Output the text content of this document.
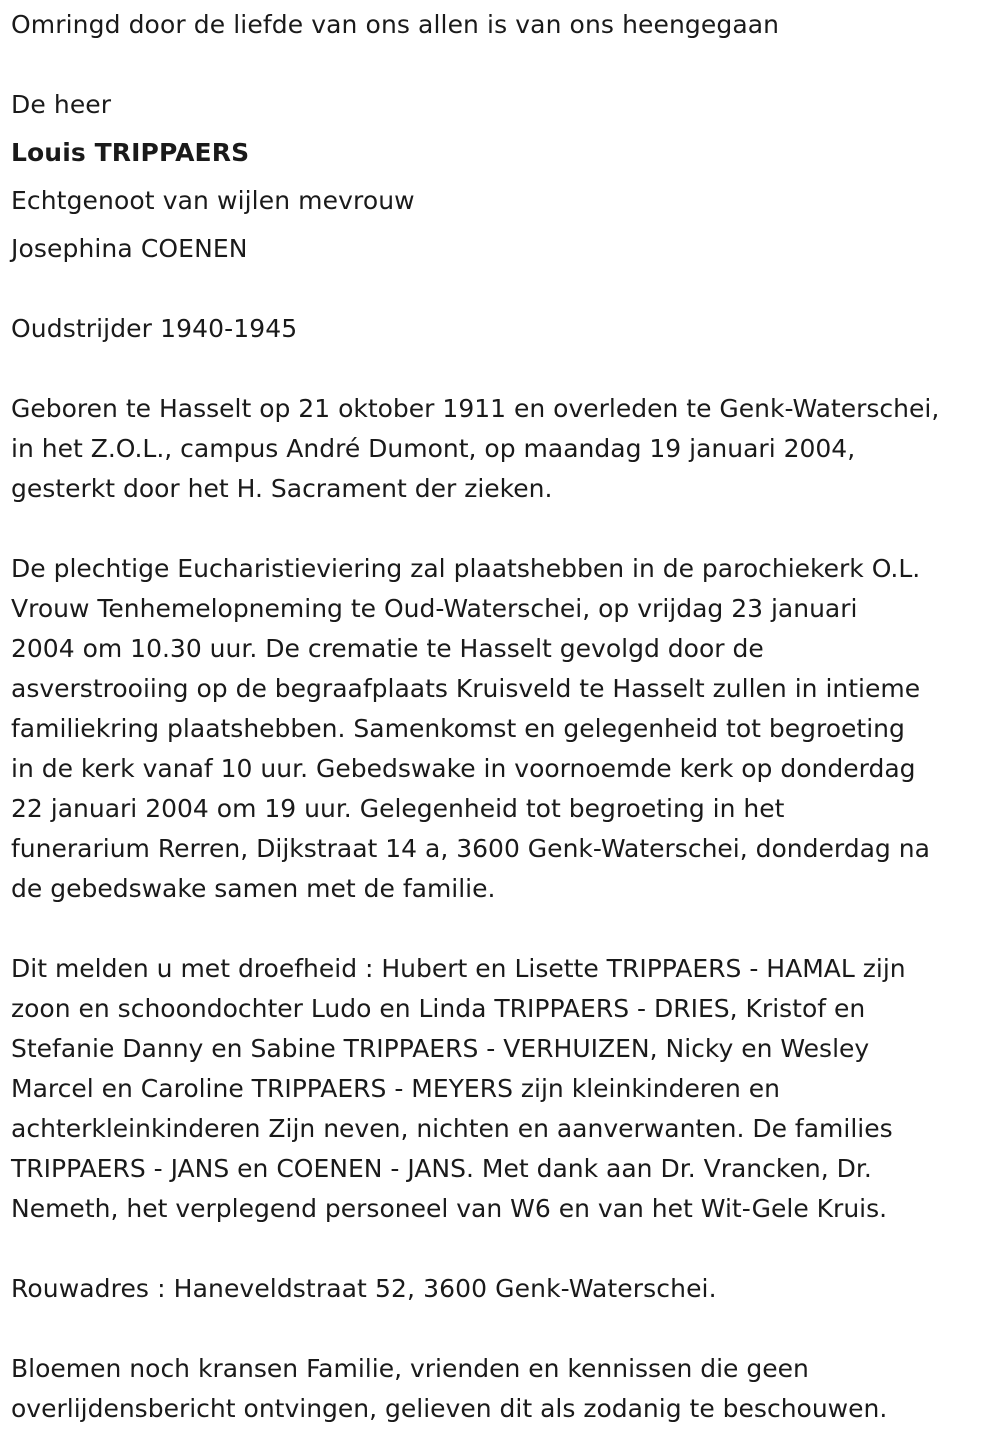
Omringd door de liefde van ons allen is van ons heengegaan

De heer

Louis TRIPPAERS

Echtgenoot van wijlen mevrouw

Josephina COENEN

Oudstrijder 1940-1945

Geboren te Hasselt op 21 oktober 1911 en overleden te Genk-Waterschei,
in het Z.O.L., campus André Dumont, op maandag 19 januari 2004,
gesterkt door het H. Sacrament der zieken.
De plechtige Eucharistieviering zal plaatshebben in de parochiekerk O.L.
Vrouw Tenhemelopneming te Oud-Waterschei, op vrijdag 23 januari
2004 om 10.30 uur. De crematie te Hasselt gevolgd door de
asverstrooiing op de begraafplaats Kruisveld te Hasselt zullen in intieme
familiekring plaatshebben. Samenkomst en gelegenheid tot begroeting
in de kerk vanaf 10 uur. Gebedswake in voornoemde kerk op donderdag
22 januari 2004 om 19 uur. Gelegenheid tot begroeting in het
funerarium Rerren, Dijkstraat 14 a, 3600 Genk-Waterschei, donderdag na
de gebedswake samen met de familie.
Dit melden u met droefheid : Hubert en Lisette TRIPPAERS - HAMAL zijn
zoon en schoondochter Ludo en Linda TRIPPAERS - DRIES, Kristof en
Stefanie Danny en Sabine TRIPPAERS - VERHUIZEN, Nicky en Wesley
Marcel en Caroline TRIPPAERS - MEYERS zijn kleinkinderen en
achterkleinkinderen Zijn neven, nichten en aanverwanten. De families
TRIPPAERS - JANS en COENEN - JANS. Met dank aan Dr. Vrancken, Dr.
Nemeth, het verplegend personeel van W6 en van het Wit-Gele Kruis.

Rouwadres : Haneveldstraat 52, 3600 Genk-Waterschei.

Bloemen noch kransen Familie, vrienden en kennissen die geen
overlijdensbericht ontvingen, gelieven dit als zodanig te beschouwen.
